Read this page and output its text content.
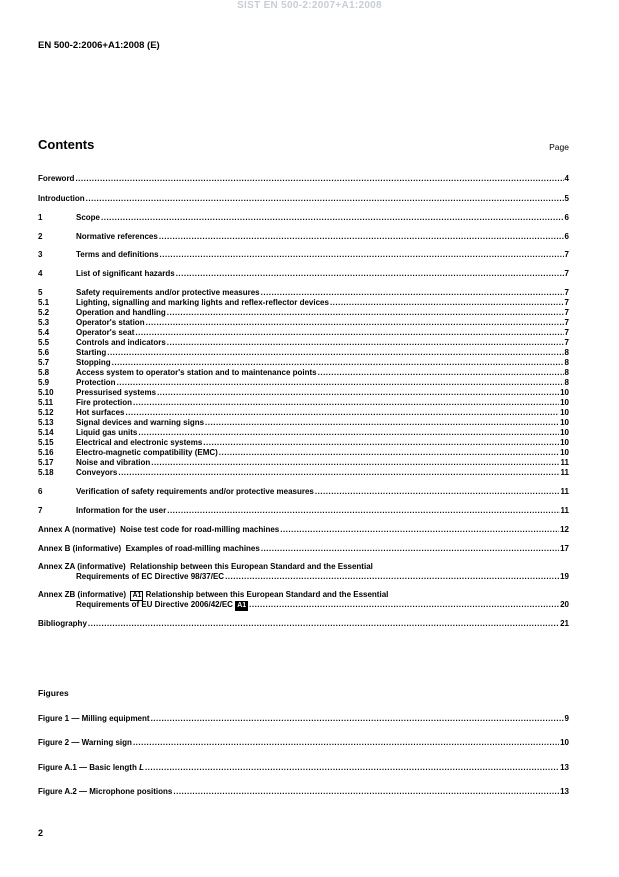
SIST EN 500-2:2007+A1:2008
EN 500-2:2006+A1:2008 (E)
Contents	Page
Foreword .....	4
Introduction .....	5
1	Scope .....	6
2	Normative references .....	6
3	Terms and definitions .....	7
4	List of significant hazards .....	7
5	Safety requirements and/or protective measures .....	7
5.1	Lighting, signalling and marking lights and reflex-reflector devices .....	7
5.2	Operation and handling .....	7
5.3	Operator's station .....	7
5.4	Operator's seat .....	7
5.5	Controls and indicators .....	7
5.6	Starting .....	8
5.7	Stopping .....	8
5.8	Access system to operator's station and to maintenance points .....	8
5.9	Protection .....	8
5.10	Pressurised systems .....	10
5.11	Fire protection .....	10
5.12	Hot surfaces .....	10
5.13	Signal devices and warning signs .....	10
5.14	Liquid gas units .....	10
5.15	Electrical and electronic systems .....	10
5.16	Electro-magnetic compatibility (EMC) .....	10
5.17	Noise and vibration .....	11
5.18	Conveyors .....	11
6	Verification of safety requirements and/or protective measures .....	11
7	Information for the user .....	11
Annex A (normative)  Noise test code for road-milling machines .....	12
Annex B (informative)  Examples of road-milling machines .....	17
Annex ZA (informative)  Relationship between this European Standard and the Essential
Requirements of EC Directive 98/37/EC .....	19
Annex ZB (informative) A1 Relationship between this European Standard and the Essential
Requirements of EU Directive 2006/42/EC A1 .....	20
Bibliography .....	21
Figures
Figure 1 — Milling equipment .....	9
Figure 2 — Warning sign .....	10
Figure A.1 — Basic length L .....	13
Figure A.2 — Microphone positions .....	13
2
